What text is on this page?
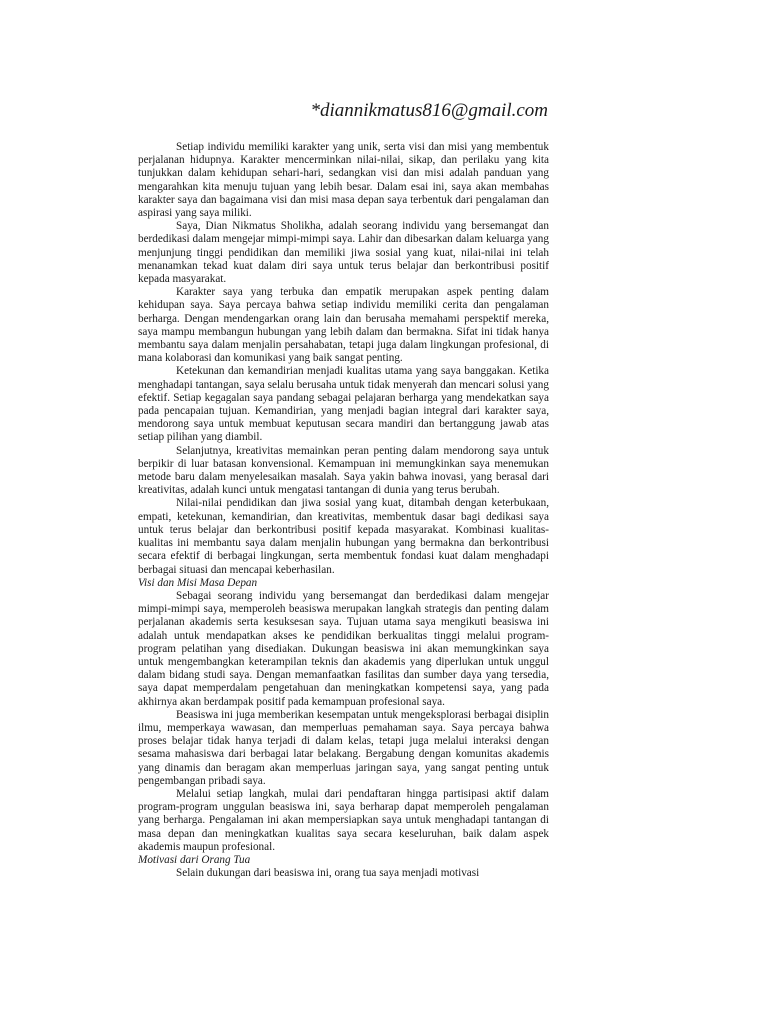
*diannikmatus816@gmail.com

Setiap individu memiliki karakter yang unik, serta visi dan misi yang membentuk perjalanan hidupnya. Karakter mencerminkan nilai-nilai, sikap, dan perilaku yang kita tunjukkan dalam kehidupan sehari-hari, sedangkan visi dan misi adalah panduan yang mengarahkan kita menuju tujuan yang lebih besar. Dalam esai ini, saya akan membahas karakter saya dan bagaimana visi dan misi masa depan saya terbentuk dari pengalaman dan aspirasi yang saya miliki.

Saya, Dian Nikmatus Sholikha, adalah seorang individu yang bersemangat dan berdedikasi dalam mengejar mimpi-mimpi saya. Lahir dan dibesarkan dalam keluarga yang menjunjung tinggi pendidikan dan memiliki jiwa sosial yang kuat, nilai-nilai ini telah menanamkan tekad kuat dalam diri saya untuk terus belajar dan berkontribusi positif kepada masyarakat.

Karakter saya yang terbuka dan empatik merupakan aspek penting dalam kehidupan saya. Saya percaya bahwa setiap individu memiliki cerita dan pengalaman berharga. Dengan mendengarkan orang lain dan berusaha memahami perspektif mereka, saya mampu membangun hubungan yang lebih dalam dan bermakna. Sifat ini tidak hanya membantu saya dalam menjalin persahabatan, tetapi juga dalam lingkungan profesional, di mana kolaborasi dan komunikasi yang baik sangat penting.

Ketekunan dan kemandirian menjadi kualitas utama yang saya banggakan. Ketika menghadapi tantangan, saya selalu berusaha untuk tidak menyerah dan mencari solusi yang efektif. Setiap kegagalan saya pandang sebagai pelajaran berharga yang mendekatkan saya pada pencapaian tujuan. Kemandirian, yang menjadi bagian integral dari karakter saya, mendorong saya untuk membuat keputusan secara mandiri dan bertanggung jawab atas setiap pilihan yang diambil.

Selanjutnya, kreativitas memainkan peran penting dalam mendorong saya untuk berpikir di luar batasan konvensional. Kemampuan ini memungkinkan saya menemukan metode baru dalam menyelesaikan masalah. Saya yakin bahwa inovasi, yang berasal dari kreativitas, adalah kunci untuk mengatasi tantangan di dunia yang terus berubah.

Nilai-nilai pendidikan dan jiwa sosial yang kuat, ditambah dengan keterbukaan, empati, ketekunan, kemandirian, dan kreativitas, membentuk dasar bagi dedikasi saya untuk terus belajar dan berkontribusi positif kepada masyarakat. Kombinasi kualitas-kualitas ini membantu saya dalam menjalin hubungan yang bermakna dan berkontribusi secara efektif di berbagai lingkungan, serta membentuk fondasi kuat dalam menghadapi berbagai situasi dan mencapai keberhasilan.

Visi dan Misi Masa Depan

Sebagai seorang individu yang bersemangat dan berdedikasi dalam mengejar mimpi-mimpi saya, memperoleh beasiswa merupakan langkah strategis dan penting dalam perjalanan akademis serta kesuksesan saya. Tujuan utama saya mengikuti beasiswa ini adalah untuk mendapatkan akses ke pendidikan berkualitas tinggi melalui program-program pelatihan yang disediakan. Dukungan beasiswa ini akan memungkinkan saya untuk mengembangkan keterampilan teknis dan akademis yang diperlukan untuk unggul dalam bidang studi saya. Dengan memanfaatkan fasilitas dan sumber daya yang tersedia, saya dapat memperdalam pengetahuan dan meningkatkan kompetensi saya, yang pada akhirnya akan berdampak positif pada kemampuan profesional saya.

Beasiswa ini juga memberikan kesempatan untuk mengeksplorasi berbagai disiplin ilmu, memperkaya wawasan, dan memperluas pemahaman saya. Saya percaya bahwa proses belajar tidak hanya terjadi di dalam kelas, tetapi juga melalui interaksi dengan sesama mahasiswa dari berbagai latar belakang. Bergabung dengan komunitas akademis yang dinamis dan beragam akan memperluas jaringan saya, yang sangat penting untuk pengembangan pribadi saya.

Melalui setiap langkah, mulai dari pendaftaran hingga partisipasi aktif dalam program-program unggulan beasiswa ini, saya berharap dapat memperoleh pengalaman yang berharga. Pengalaman ini akan mempersiapkan saya untuk menghadapi tantangan di masa depan dan meningkatkan kualitas saya secara keseluruhan, baik dalam aspek akademis maupun profesional.

Motivasi dari Orang Tua

Selain dukungan dari beasiswa ini, orang tua saya menjadi motivasi
